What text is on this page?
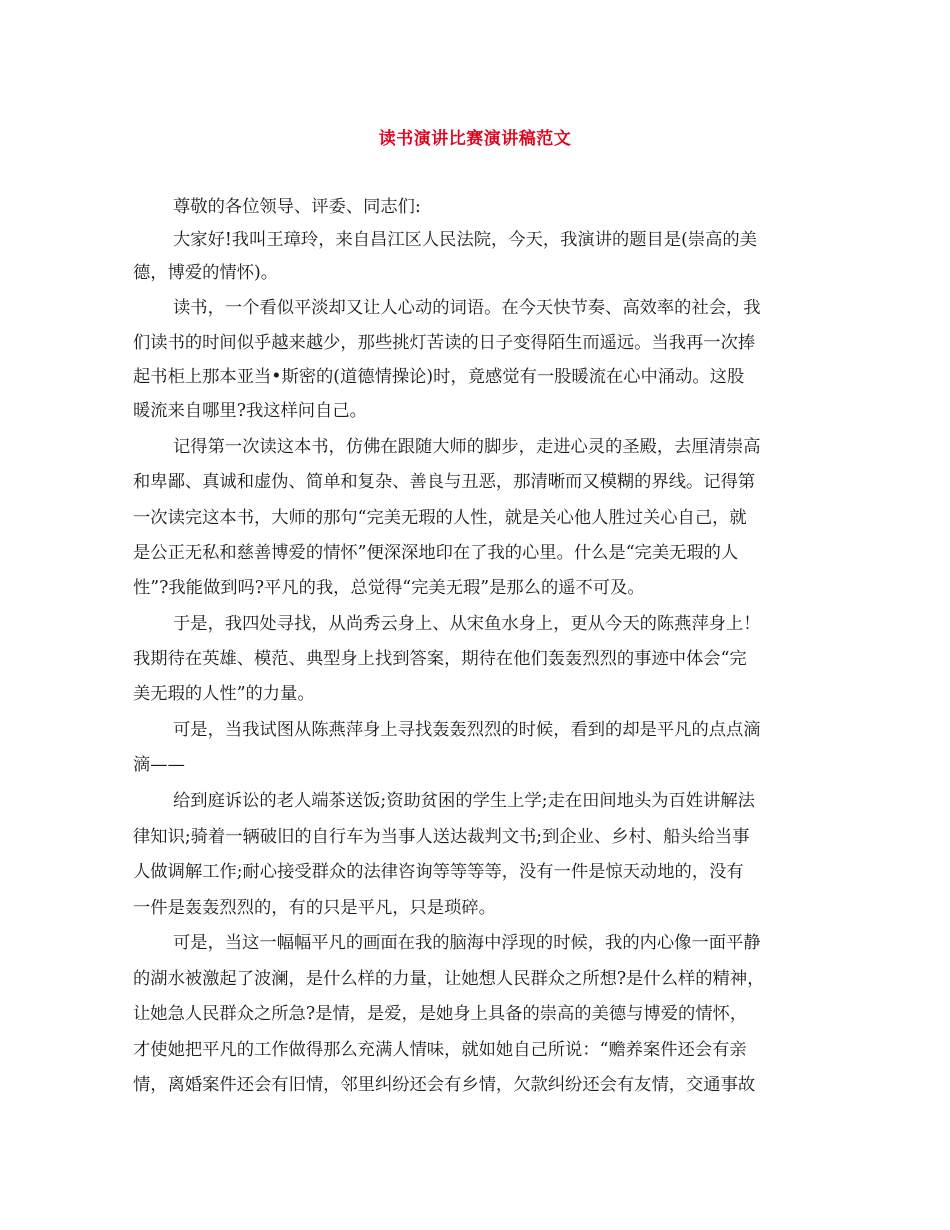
读书演讲比赛演讲稿范文
尊敬的各位领导、评委、同志们:
大家好!我叫王璋玲，来自昌江区人民法院，今天，我演讲的题目是(崇高的美
德，博爱的情怀)。
读书，一个看似平淡却又让人心动的词语。在今天快节奏、高效率的社会，我
们读书的时间似乎越来越少，那些挑灯苦读的日子变得陌生而遥远。当我再一次捧
起书柜上那本亚当•斯密的(道德情操论)时，竟感觉有一股暖流在心中涌动。这股
暖流来自哪里?我这样问自己。
记得第一次读这本书，仿佛在跟随大师的脚步，走进心灵的圣殿，去厘清崇高
和卑鄙、真诚和虚伪、简单和复杂、善良与丑恶，那清晰而又模糊的界线。记得第
一次读完这本书，大师的那句“完美无瑕的人性，就是关心他人胜过关心自己，就
是公正无私和慈善博爱的情怀”便深深地印在了我的心里。什么是“完美无瑕的人
性”?我能做到吗?平凡的我，总觉得“完美无瑕”是那么的遥不可及。
于是，我四处寻找，从尚秀云身上、从宋鱼水身上，更从今天的陈燕萍身上！
我期待在英雄、模范、典型身上找到答案，期待在他们轰轰烈烈的事迹中体会“完
美无瑕的人性”的力量。
可是，当我试图从陈燕萍身上寻找轰轰烈烈的时候，看到的却是平凡的点点滴
滴——
给到庭诉讼的老人端茶送饭;资助贫困的学生上学;走在田间地头为百姓讲解法
律知识;骑着一辆破旧的自行车为当事人送达裁判文书;到企业、乡村、船头给当事
人做调解工作;耐心接受群众的法律咨询等等等等，没有一件是惊天动地的，没有
一件是轰轰烈烈的，有的只是平凡，只是琐碎。
可是，当这一幅幅平凡的画面在我的脑海中浮现的时候，我的内心像一面平静
的湖水被激起了波澜，是什么样的力量，让她想人民群众之所想?是什么样的精神，
让她急人民群众之所急?是情，是爱，是她身上具备的崇高的美德与博爱的情怀，
才使她把平凡的工作做得那么充满人情味，就如她自己所说：“赡养案件还会有亲
情，离婚案件还会有旧情，邻里纠纷还会有乡情，欠款纠纷还会有友情，交通事故
